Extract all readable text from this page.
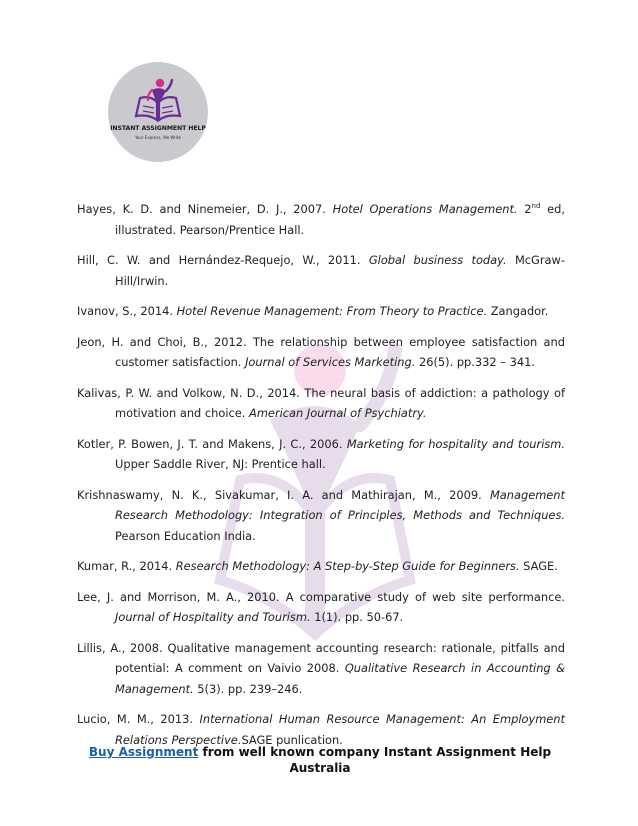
INSTANT ASSIGNMENT HELP
Your Express, We Write

Hayes, K. D. and Ninemeier, D. J., 2007. Hotel Operations Management. 2nd ed, illustrated. Pearson/Prentice Hall.

Hill, C. W. and Hernández-Requejo, W., 2011. Global business today. McGraw-Hill/Irwin.

Ivanov, S., 2014. Hotel Revenue Management: From Theory to Practice. Zangador.

Jeon, H. and Choi, B., 2012. The relationship between employee satisfaction and customer satisfaction. Journal of Services Marketing. 26(5). pp.332 – 341.

Kalivas, P. W. and Volkow, N. D., 2014. The neural basis of addiction: a pathology of motivation and choice. American Journal of Psychiatry.

Kotler, P. Bowen, J. T. and Makens, J. C., 2006. Marketing for hospitality and tourism. Upper Saddle River, NJ: Prentice hall.

Krishnaswamy, N. K., Sivakumar, I. A. and Mathirajan, M., 2009. Management Research Methodology: Integration of Principles, Methods and Techniques. Pearson Education India.

Kumar, R., 2014. Research Methodology: A Step-by-Step Guide for Beginners. SAGE.

Lee, J. and Morrison, M. A., 2010. A comparative study of web site performance. Journal of Hospitality and Tourism. 1(1). pp. 50-67.

Lillis, A., 2008. Qualitative management accounting research: rationale, pitfalls and potential: A comment on Vaivio 2008. Qualitative Research in Accounting & Management. 5(3). pp. 239–246.

Lucio, M. M., 2013. International Human Resource Management: An Employment Relations Perspective.SAGE punlication.

Buy Assignment from well known company Instant Assignment Help
Australia
